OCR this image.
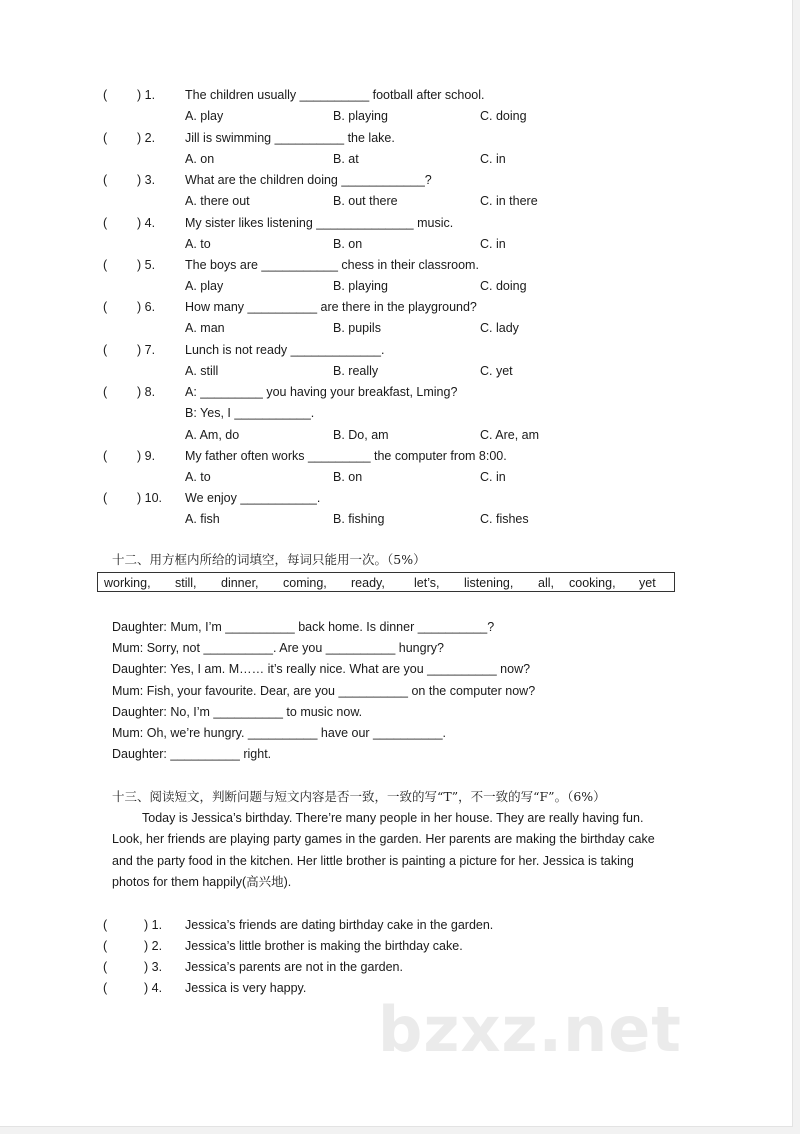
( ) 1. The children usually __________ football after school.
A. play	B. playing	C. doing
( ) 2. Jill is swimming __________ the lake.
A. on	B. at	C. in
( ) 3. What are the children doing ____________?
A. there out	B. out there	C. in there
( ) 4. My sister likes listening ______________ music.
A. to	B. on	C. in
( ) 5. The boys are ___________ chess in their classroom.
A. play	B. playing	C. doing
( ) 6. How many __________ are there in the playground?
A. man	B. pupils	C. lady
( ) 7. Lunch is not ready _____________.
A. still	B. really	C. yet
( ) 8. A: _________ you having your breakfast, Lming?
B: Yes, I ___________.
A. Am, do	B. Do, am	C. Are, am
( ) 9. My father often works _________ the computer from 8:00.
A. to	B. on	C. in
( ) 10. We enjoy ___________.
A. fish	B. fishing	C. fishes
十二、用方框内所给的词填空，每词只能用一次。（5%）
working, still, dinner, coming, ready, let’s, listening, all, cooking, yet
Daughter: Mum, I’m __________ back home. Is dinner __________?
Mum: Sorry, not __________. Are you __________ hungry?
Daughter: Yes, I am. M…… it’s really nice. What are you __________ now?
Mum: Fish, your favourite. Dear, are you __________ on the computer now?
Daughter: No, I’m __________ to music now.
Mum: Oh, we’re hungry. __________ have our __________.
Daughter: __________ right.
十三、阅读短文，判断问题与短文内容是否一致，一致的写“T”，不一致的写“F”。（6%）
Today is Jessica’s birthday. There’re many people in her house. They are really having fun.
Look, her friends are playing party games in the garden. Her parents are making the birthday cake
and the party food in the kitchen. Her little brother is painting a picture for her. Jessica is taking
photos for them happily(高兴地).
(	) 1. Jessica’s friends are dating birthday cake in the garden.
(	) 2. Jessica’s little brother is making the birthday cake.
(	) 3. Jessica’s parents are not in the garden.
(	) 4. Jessica is very happy.
bzxz.net
